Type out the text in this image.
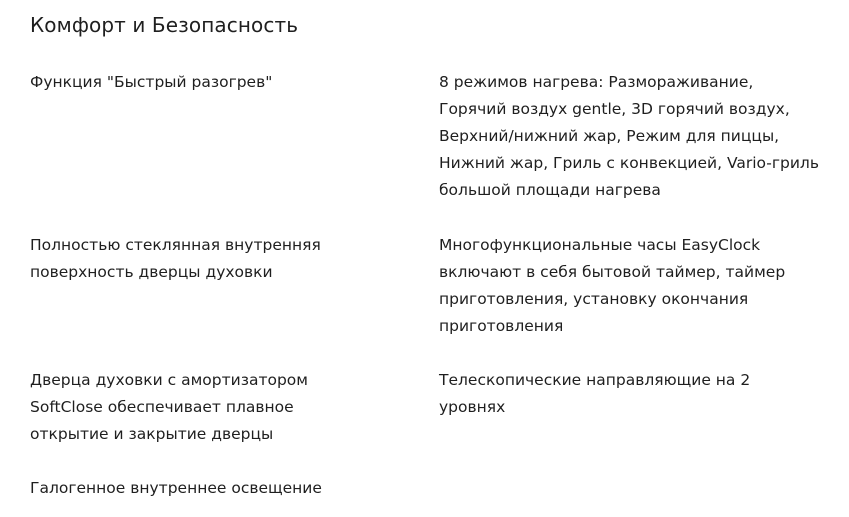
Комфорт и Безопасность

Функция "Быстрый разогрев"

Полностью стеклянная внутренняя
поверхность дверцы духовки

Дверца духовки с амортизатором
SoftClose обеспечивает плавное
открытие и закрытие дверцы

Галогенное внутреннее освещение

8 режимов нагрева: Размораживание,
Горячий воздух gentle, 3D горячий воздух,
Верхний/нижний жар, Режим для пиццы,
Нижний жар, Гриль с конвекцией, Vario-гриль
большой площади нагрева

Многофункциональные часы EasyClock
включают в себя бытовой таймер, таймер
приготовления, установку окончания
приготовления

Телескопические направляющие на 2
уровнях
